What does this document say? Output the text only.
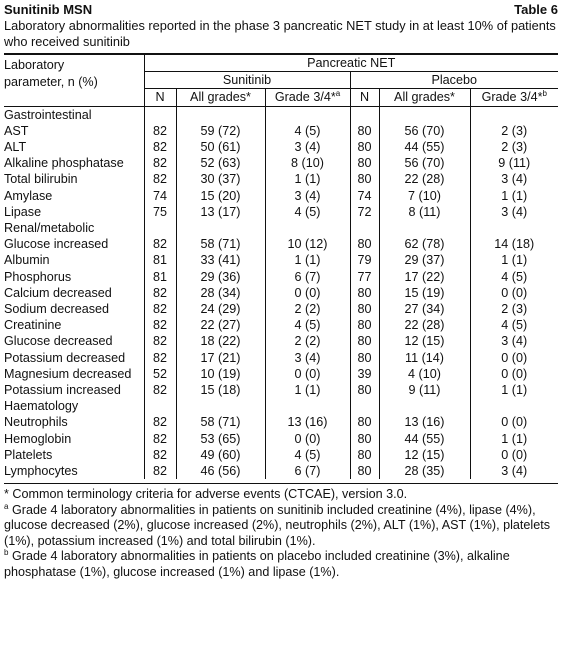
Sunitinib MSN	Table 6
Laboratory abnormalities reported in the phase 3 pancreatic NET study in at least 10% of patients who received sunitinib
Laboratory
parameter, n (%)	Pancreatic NET					
	Sunitinib			Placebo		
	N	All grades*	Grade 3/4*$^a$	N	All grades*	Grade 3/4*$^b$
Gastrointestinal						
AST	82	59 (72)	4 (5)	80	56 (70)	2 (3)
ALT	82	50 (61)	3 (4)	80	44 (55)	2 (3)
Alkaline phosphatase	82	52 (63)	8 (10)	80	56 (70)	9 (11)
Total bilirubin	82	30 (37)	1 (1)	80	22 (28)	3 (4)
Amylase	74	15 (20)	3 (4)	74	7 (10)	1 (1)
Lipase	75	13 (17)	4 (5)	72	8 (11)	3 (4)
Renal/metabolic						
Glucose increased	82	58 (71)	10 (12)	80	62 (78)	14 (18)
Albumin	81	33 (41)	1 (1)	79	29 (37)	1 (1)
Phosphorus	81	29 (36)	6 (7)	77	17 (22)	4 (5)
Calcium decreased	82	28 (34)	0 (0)	80	15 (19)	0 (0)
Sodium decreased	82	24 (29)	2 (2)	80	27 (34)	2 (3)
Creatinine	82	22 (27)	4 (5)	80	22 (28)	4 (5)
Glucose decreased	82	18 (22)	2 (2)	80	12 (15)	3 (4)
Potassium decreased	82	17 (21)	3 (4)	80	11 (14)	0 (0)
Magnesium decreased	52	10 (19)	0 (0)	39	4 (10)	0 (0)
Potassium increased	82	15 (18)	1 (1)	80	9 (11)	1 (1)
Haematology						
Neutrophils	82	58 (71)	13 (16)	80	13 (16)	0 (0)
Hemoglobin	82	53 (65)	0 (0)	80	44 (55)	1 (1)
Platelets	82	49 (60)	4 (5)	80	12 (15)	0 (0)
Lymphocytes	82	46 (56)	6 (7)	80	28 (35)	3 (4)

* Common terminology criteria for adverse events (CTCAE), version 3.0.

$^a$ Grade 4 laboratory abnormalities in patients on sunitinib included creatinine (4%), lipase (4%), glucose decreased (2%), glucose increased (2%), neutrophils (2%), ALT (1%), AST (1%), platelets (1%), potassium increased (1%) and total bilirubin (1%).

$^b$ Grade 4 laboratory abnormalities in patients on placebo included creatinine (3%), alkaline phosphatase (1%), glucose increased (1%) and lipase (1%).
